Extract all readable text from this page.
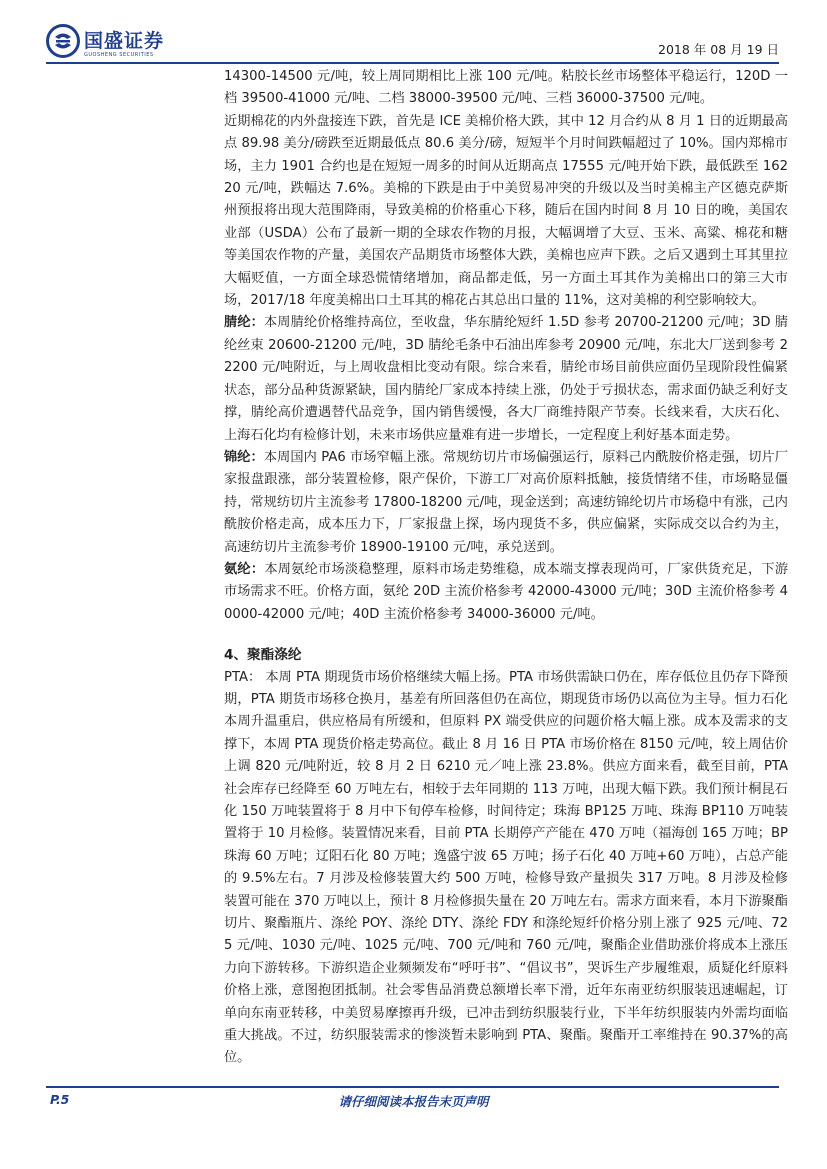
国盛证券
GUOSHENG SECURITIES	2018 年 08 月 19 日

14300-14500 元/吨，较上周同期相比上涨 100 元/吨。粘胶长丝市场整体平稳运行，120D 一档 39500-41000 元/吨、二档 38000-39500 元/吨、三档 36000-37500 元/吨。

近期棉花的内外盘接连下跌，首先是 ICE 美棉价格大跌，其中 12 月合约从 8 月 1 日的近期最高点 89.98 美分/磅跌至近期最低点 80.6 美分/磅，短短半个月时间跌幅超过了 10%。国内郑棉市场，主力 1901 合约也是在短短一周多的时间从近期高点 17555 元/吨开始下跌，最低跌至 16220 元/吨，跌幅达 7.6%。美棉的下跌是由于中美贸易冲突的升级以及当时美棉主产区德克萨斯州预报将出现大范围降雨，导致美棉的价格重心下移，随后在国内时间 8 月 10 日的晚，美国农业部（USDA）公布了最新一期的全球农作物的月报，大幅调增了大豆、玉米、高粱、棉花和糖等美国农作物的产量，美国农产品期货市场整体大跌，美棉也应声下跌。之后又遇到土耳其里拉大幅贬值，一方面全球恐慌情绪增加，商品都走低，另一方面土耳其作为美棉出口的第三大市场，2017/18 年度美棉出口土耳其的棉花占其总出口量的 11%，这对美棉的利空影响较大。

腈纶：本周腈纶价格维持高位，至收盘，华东腈纶短纤 1.5D 参考 20700-21200 元/吨；3D 腈纶丝束 20600-21200 元/吨，3D 腈纶毛条中石油出库参考 20900 元/吨，东北大厂送到参考 22200 元/吨附近，与上周收盘相比变动有限。综合来看，腈纶市场目前供应面仍呈现阶段性偏紧状态，部分品种货源紧缺，国内腈纶厂家成本持续上涨，仍处于亏损状态，需求面仍缺乏利好支撑，腈纶高价遭遇替代品竞争，国内销售缓慢，各大厂商维持限产节奏。长线来看，大庆石化、上海石化均有检修计划，未来市场供应量难有进一步增长，一定程度上利好基本面走势。

锦纶：本周国内 PA6 市场窄幅上涨。常规纺切片市场偏强运行，原料己内酰胺价格走强，切片厂家报盘跟涨，部分装置检修，限产保价，下游工厂对高价原料抵触，接货情绪不佳，市场略显僵持，常规纺切片主流参考 17800-18200 元/吨，现金送到；高速纺锦纶切片市场稳中有涨，己内酰胺价格走高，成本压力下，厂家报盘上探，场内现货不多，供应偏紧，实际成交以合约为主，高速纺切片主流参考价 18900-19100 元/吨，承兑送到。

氨纶：本周氨纶市场淡稳整理，原料市场走势维稳，成本端支撑表现尚可，厂家供货充足，下游市场需求不旺。价格方面，氨纶 20D 主流价格参考 42000-43000 元/吨；30D 主流价格参考 40000-42000 元/吨；40D 主流价格参考 34000-36000 元/吨。

4、聚酯涤纶

PTA： 本周 PTA 期现货市场价格继续大幅上扬。PTA 市场供需缺口仍在，库存低位且仍存下降预期，PTA 期货市场移仓换月，基差有所回落但仍在高位，期现货市场仍以高位为主导。恒力石化本周升温重启，供应格局有所缓和，但原料 PX 端受供应的问题价格大幅上涨。成本及需求的支撑下，本周 PTA 现货价格走势高位。截止 8 月 16 日 PTA 市场价格在 8150 元/吨，较上周估价上调 820 元/吨附近，较 8 月 2 日 6210 元／吨上涨 23.8%。供应方面来看，截至目前，PTA 社会库存已经降至 60 万吨左右，相较于去年同期的 113 万吨，出现大幅下跌。我们预计桐昆石化 150 万吨装置将于 8 月中下旬停车检修，时间待定；珠海 BP125 万吨、珠海 BP110 万吨装置将于 10 月检修。装置情况来看，目前 PTA 长期停产产能在 470 万吨（福海创 165 万吨；BP 珠海 60 万吨；辽阳石化 80 万吨；逸盛宁波 65 万吨；扬子石化 40 万吨+60 万吨），占总产能的 9.5%左右。7 月涉及检修装置大约 500 万吨，检修导致产量损失 317 万吨。8 月涉及检修装置可能在 370 万吨以上，预计 8 月检修损失量在 20 万吨左右。需求方面来看，本月下游聚酯切片、聚酯瓶片、涤纶 POY、涤纶 DTY、涤纶 FDY 和涤纶短纤价格分别上涨了 925 元/吨、725 元/吨、1030 元/吨、1025 元/吨、700 元/吨和 760 元/吨，聚酯企业借助涨价将成本上涨压力向下游转移。下游织造企业频频发布“呼吁书”、“倡议书”，哭诉生产步履维艰，质疑化纤原料价格上涨，意图抱团抵制。社会零售品消费总额增长率下滑，近年东南亚纺织服装迅速崛起，订单向东南亚转移，中美贸易摩擦再升级，已冲击到纺织服装行业，下半年纺织服装内外需均面临重大挑战。不过，纺织服装需求的惨淡暂未影响到 PTA、聚酯。聚酯开工率维持在 90.37%的高位。

P.5	请仔细阅读本报告末页声明
